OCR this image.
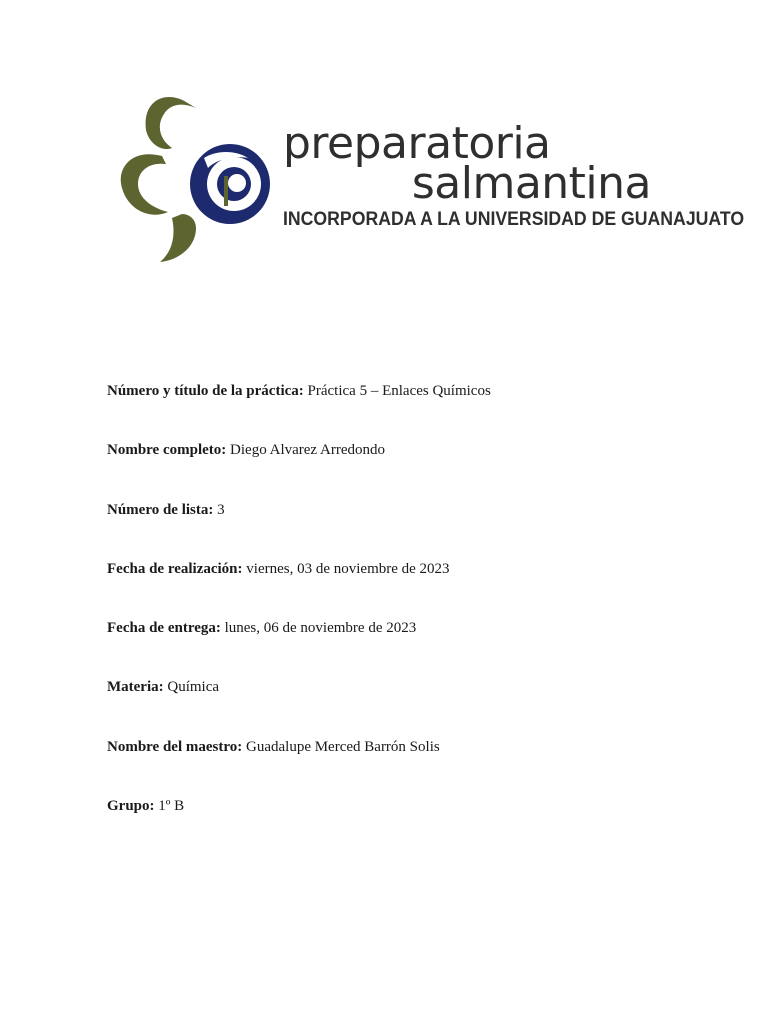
preparatoria
salmantina
INCORPORADA A LA UNIVERSIDAD DE GUANAJUATO
Número y título de la práctica: Práctica 5 – Enlaces Químicos
Nombre completo: Diego Alvarez Arredondo
Número de lista: 3
Fecha de realización: viernes, 03 de noviembre de 2023
Fecha de entrega: lunes, 06 de noviembre de 2023
Materia: Química
Nombre del maestro: Guadalupe Merced Barrón Solis
Grupo: 1º B
